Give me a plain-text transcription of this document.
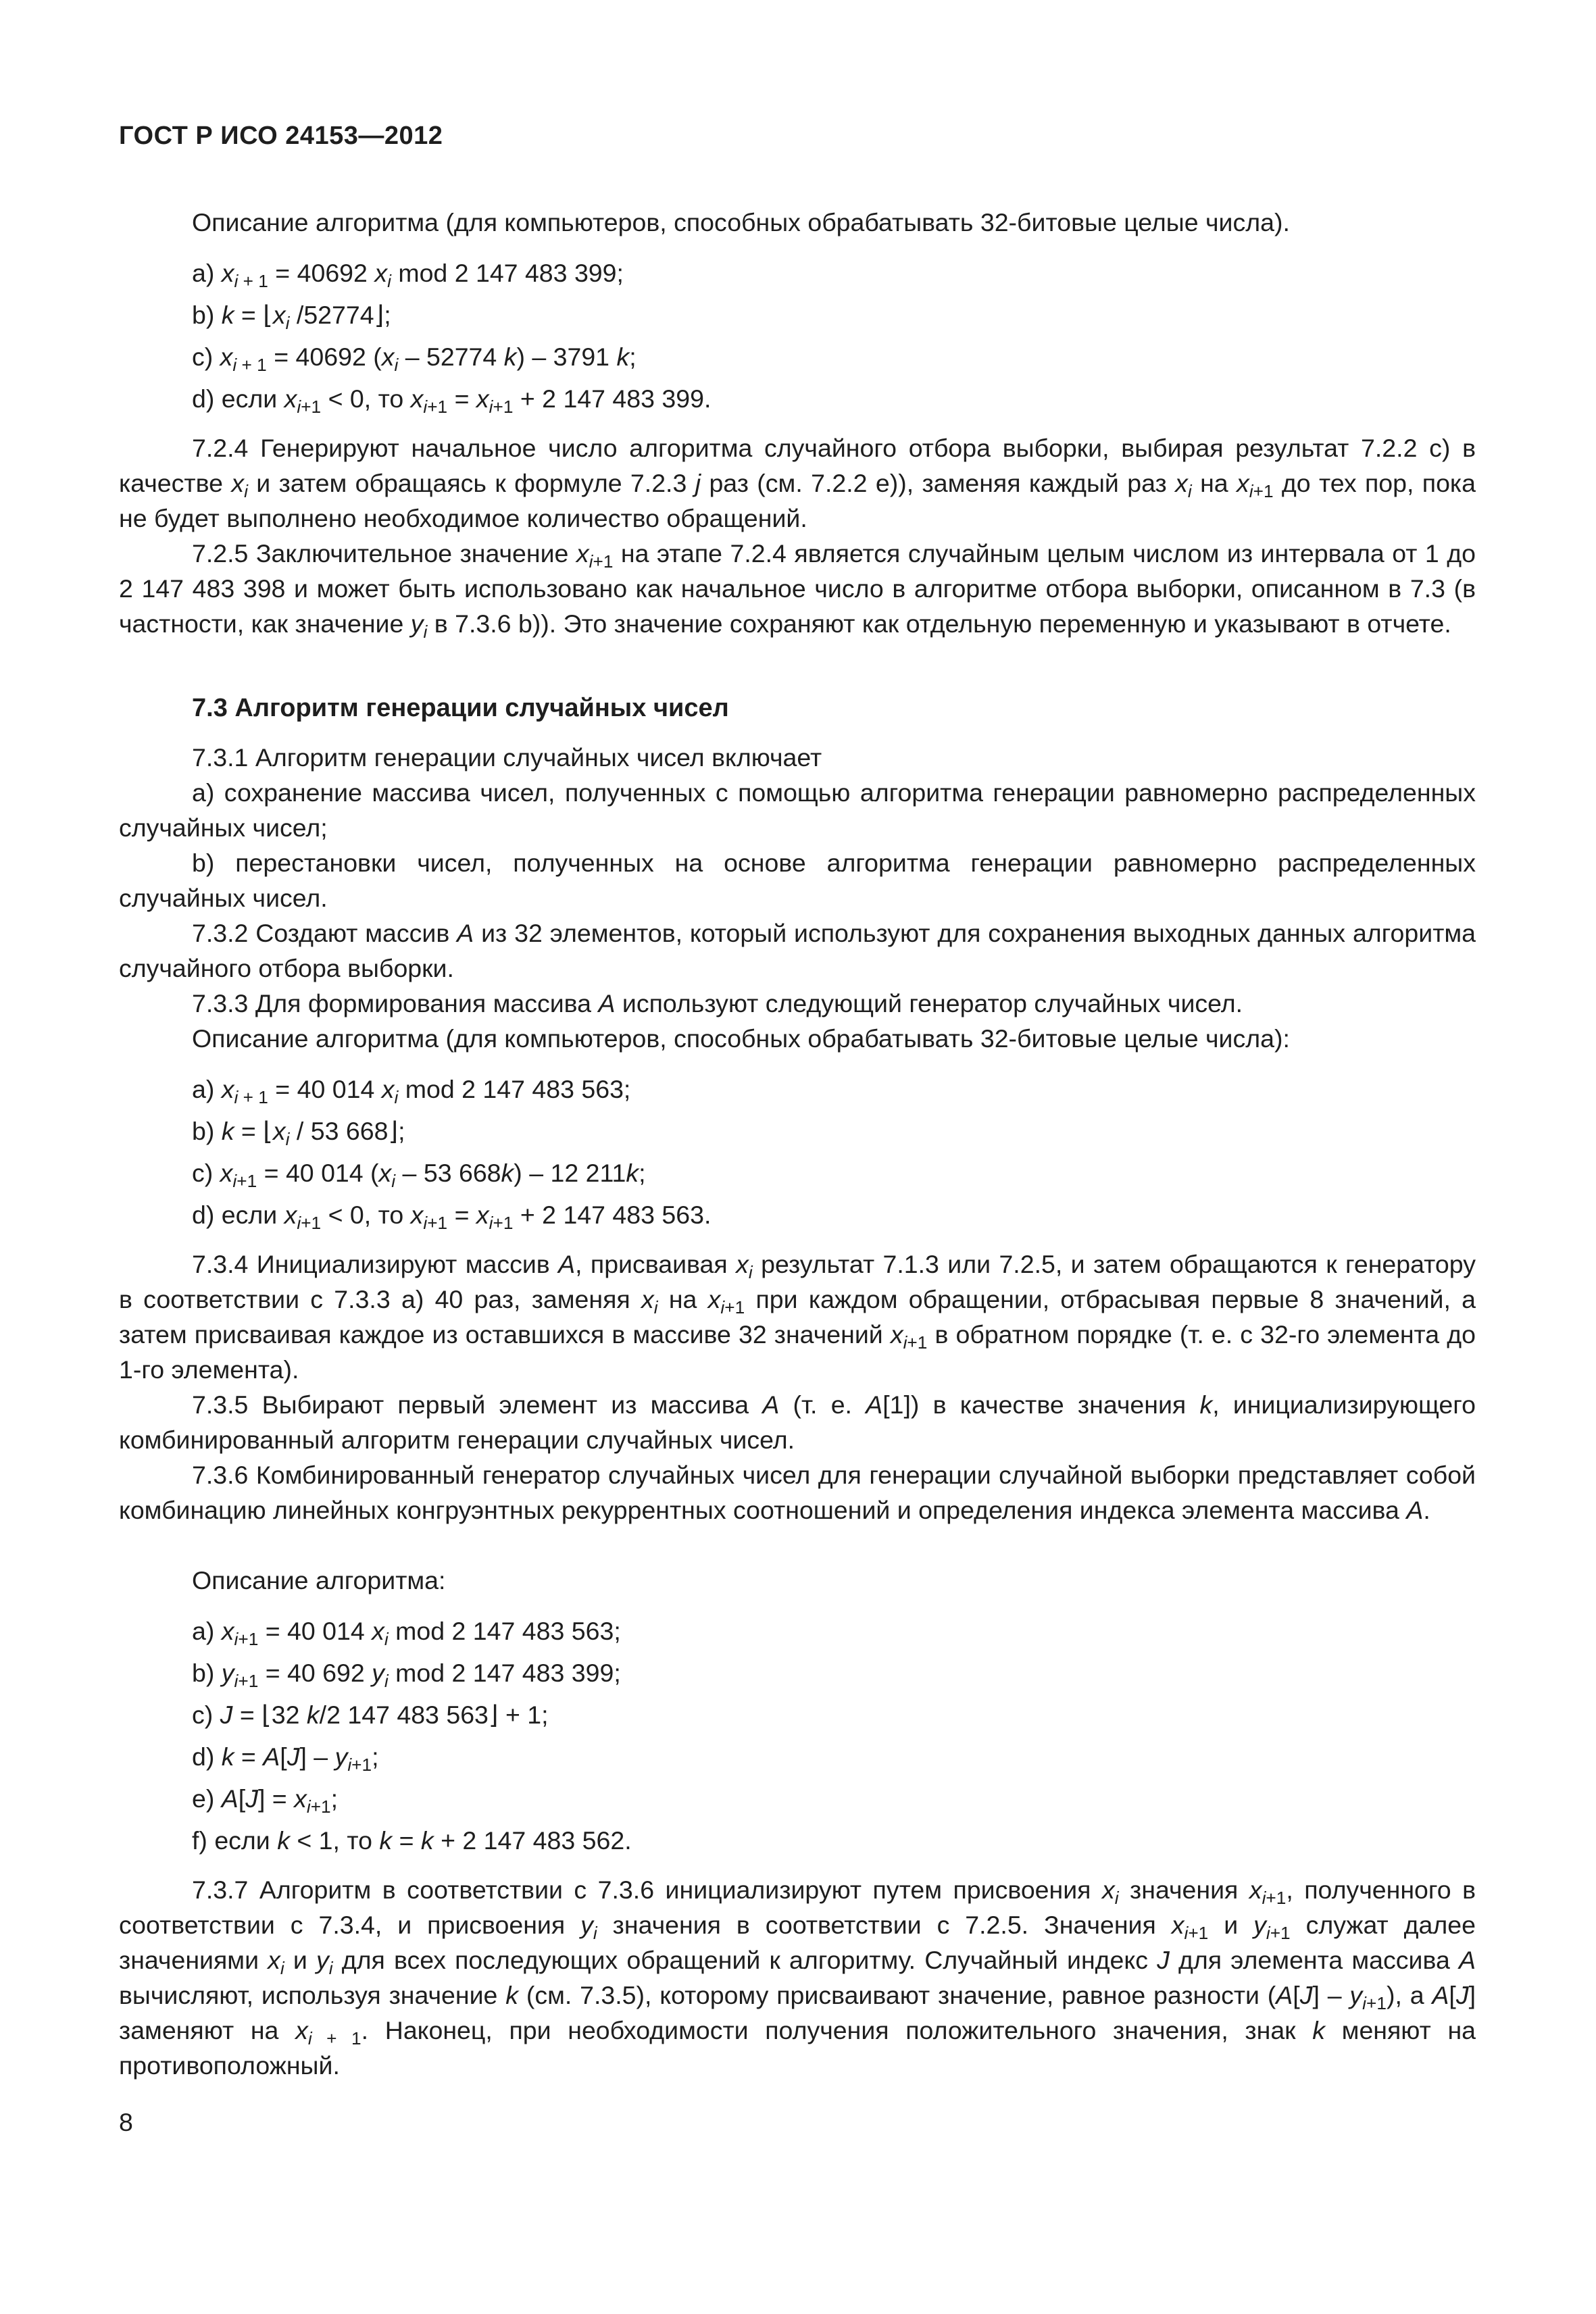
ГОСТ Р ИСО 24153—2012
Описание алгоритма (для компьютеров, способных обрабатывать 32-битовые целые числа).
a) $x_{i + 1} = 40692$ $x_i$ mod 2 147 483 399;
b) $k = ⌊x_i$ /52774⌋;
c) $x_{i + 1} = 40692$ ($x_i - 52774$ k) – 3791 k;
d) если $x_{i+1} < 0$, то $x_{i+1} = x_{i+1} + 2$ 147 483 399.
7.2.4 Генерируют начальное число алгоритма случайного отбора выборки, выбирая результат 7.2.2 c) в качестве $x_i$ и затем обращаясь к формуле 7.2.3 j раз (см. 7.2.2 e)), заменяя каждый раз $x_i$ на $x_{i+1}$ до тех пор, пока не будет выполнено необходимое количество обращений.
7.2.5 Заключительное значение $x_{i+1}$ на этапе 7.2.4 является случайным целым числом из интервала от 1 до 2 147 483 398 и может быть использовано как начальное число в алгоритме отбора выборки, описанном в 7.3 (в частности, как значение $y_i$ в 7.3.6 b)). Это значение сохраняют как отдельную переменную и указывают в отчете.
7.3 Алгоритм генерации случайных чисел
7.3.1 Алгоритм генерации случайных чисел включает
a) сохранение массива чисел, полученных с помощью алгоритма генерации равномерно распределенных случайных чисел;
b) перестановки чисел, полученных на основе алгоритма генерации равномерно распределенных случайных чисел.
7.3.2 Создают массив A из 32 элементов, который используют для сохранения выходных данных алгоритма случайного отбора выборки.
7.3.3 Для формирования массива A используют следующий генератор случайных чисел.
Описание алгоритма (для компьютеров, способных обрабатывать 32-битовые целые числа):
a) $x_{i + 1} = 40$ 014 $x_i$ mod 2 147 483 563;
b) $k = ⌊x_i / 53$ 668⌋;
c) $x_{i+1} = 40$ 014 ($x_i - 53$ 668k) – 12 211k;
d) если $x_{i+1} < 0$, то $x_{i+1} = x_{i+1} + 2$ 147 483 563.
7.3.4 Инициализируют массив A, присваивая $x_i$ результат 7.1.3 или 7.2.5, и затем обращаются к генератору в соответствии с 7.3.3 a) 40 раз, заменяя $x_i$ на $x_{i+1}$ при каждом обращении, отбрасывая первые 8 значений, а затем присваивая каждое из оставшихся в массиве 32 значений $x_{i+1}$ в обратном порядке (т. е. с 32-го элемента до 1-го элемента).
7.3.5 Выбирают первый элемент из массива A (т. е. A[1]) в качестве значения k, инициализирующего комбинированный алгоритм генерации случайных чисел.
7.3.6 Комбинированный генератор случайных чисел для генерации случайной выборки представляет собой комбинацию линейных конгруэнтных рекуррентных соотношений и определения индекса элемента массива A.
Описание алгоритма:
a) $x_{i+1} = 40$ 014 $x_i$ mod 2 147 483 563;
b) $y_{i+1} = 40$ 692 $y_i$ mod 2 147 483 399;
c) J = ⌊32 k/2 147 483 563⌋ + 1;
d) $k = A[J] - y_{i+1}$;
e) $A[J] = x_{i+1}$;
f) если k < 1, то k = k + 2 147 483 562.
7.3.7 Алгоритм в соответствии с 7.3.6 инициализируют путем присвоения $x_i$ значения $x_{i+1}$, полученного в соответствии с 7.3.4, и присвоения $y_i$ значения в соответствии с 7.2.5. Значения $x_{i+1}$ и $y_{i+1}$ служат далее значениями $x_i$ и $y_i$ для всех последующих обращений к алгоритму. Случайный индекс J для элемента массива A вычисляют, используя значение k (см. 7.3.5), которому присваивают значение, равное разности $(A[J] - y_{i+1})$, а A[J] заменяют на $x_{i + 1}$. Наконец, при необходимости получения положительного значения, знак k меняют на противоположный.
8
